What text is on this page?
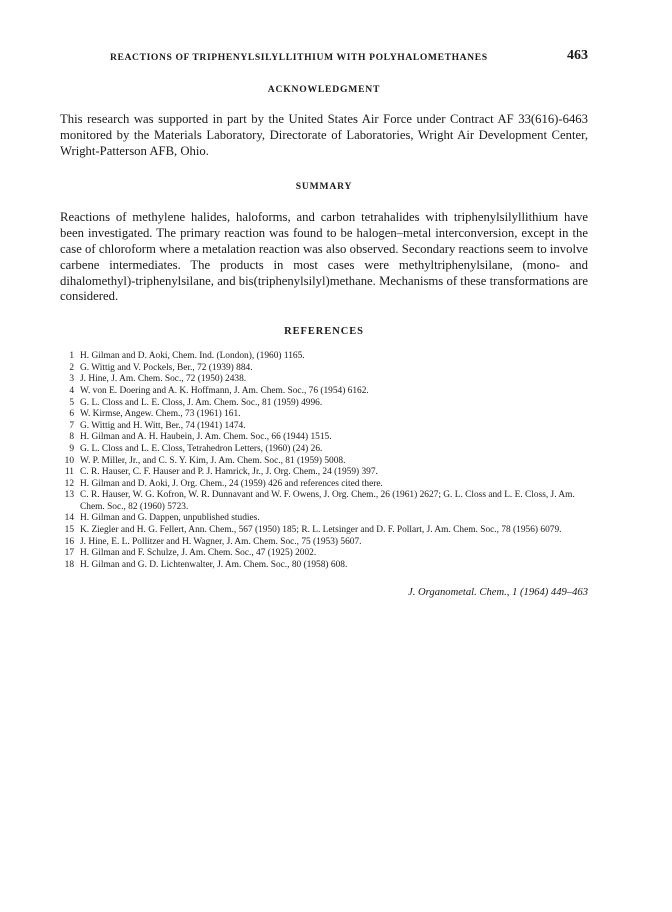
REACTIONS OF TRIPHENYLSILYLLITHIUM WITH POLYHALOMETHANES	463
ACKNOWLEDGMENT

This research was supported in part by the United States Air Force under Contract AF 33(616)-6463 monitored by the Materials Laboratory, Directorate of Laboratories, Wright Air Development Center, Wright-Patterson AFB, Ohio.

SUMMARY

Reactions of methylene halides, haloforms, and carbon tetrahalides with triphenylsilyllithium have been investigated. The primary reaction was found to be halogen–metal interconversion, except in the case of chloroform where a metalation reaction was also observed. Secondary reactions seem to involve carbene intermediates. The products in most cases were methyltriphenylsilane, (mono- and dihalomethyl)-triphenylsilane, and bis(triphenylsilyl)methane. Mechanisms of these transformations are considered.

REFERENCES
1 H. Gilman and D. Aoki, Chem. Ind. (London), (1960) 1165.
2 G. Wittig and V. Pockels, Ber., 72 (1939) 884.
3 J. Hine, J. Am. Chem. Soc., 72 (1950) 2438.
4 W. von E. Doering and A. K. Hoffmann, J. Am. Chem. Soc., 76 (1954) 6162.
5 G. L. Closs and L. E. Closs, J. Am. Chem. Soc., 81 (1959) 4996.
6 W. Kirmse, Angew. Chem., 73 (1961) 161.
7 G. Wittig and H. Witt, Ber., 74 (1941) 1474.
8 H. Gilman and A. H. Haubein, J. Am. Chem. Soc., 66 (1944) 1515.
9 G. L. Closs and L. E. Closs, Tetrahedron Letters, (1960) (24) 26.
10 W. P. Miller, Jr., and C. S. Y. Kim, J. Am. Chem. Soc., 81 (1959) 5008.
11 C. R. Hauser, C. F. Hauser and P. J. Hamrick, Jr., J. Org. Chem., 24 (1959) 397.
12 H. Gilman and D. Aoki, J. Org. Chem., 24 (1959) 426 and references cited there.
13 C. R. Hauser, W. G. Kofron, W. R. Dunnavant and W. F. Owens, J. Org. Chem., 26 (1961) 2627; G. L. Closs and L. E. Closs, J. Am. Chem. Soc., 82 (1960) 5723.
14 H. Gilman and G. Dappen, unpublished studies.
15 K. Ziegler and H. G. Fellert, Ann. Chem., 567 (1950) 185; R. L. Letsinger and D. F. Pollart, J. Am. Chem. Soc., 78 (1956) 6079.
16 J. Hine, E. L. Pollitzer and H. Wagner, J. Am. Chem. Soc., 75 (1953) 5607.
17 H. Gilman and F. Schulze, J. Am. Chem. Soc., 47 (1925) 2002.
18 H. Gilman and G. D. Lichtenwalter, J. Am. Chem. Soc., 80 (1958) 608.
J. Organometal. Chem., 1 (1964) 449–463
